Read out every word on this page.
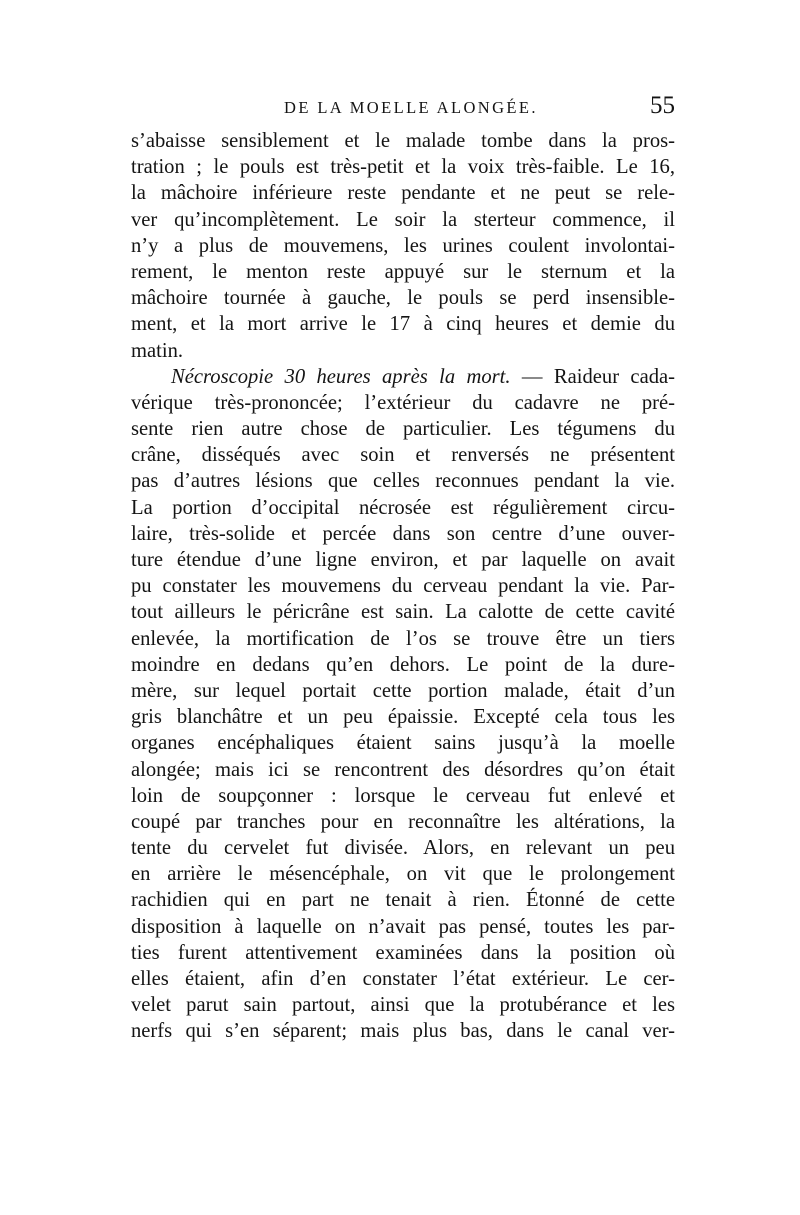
DE LA MOELLE ALONGÉE.	55
s’abaisse sensiblement et le malade tombe dans la pros-
tration ; le pouls est très-petit et la voix très-faible. Le 16,
la mâchoire inférieure reste pendante et ne peut se rele-
ver qu’incomplètement. Le soir la sterteur commence, il
n’y a plus de mouvemens, les urines coulent involontai-
rement, le menton reste appuyé sur le sternum et la
mâchoire tournée à gauche, le pouls se perd insensible-
ment, et la mort arrive le 17 à cinq heures et demie du
matin.
Nécroscopie 30 heures après la mort. — Raideur cada-
vérique très-prononcée; l’extérieur du cadavre ne pré-
sente rien autre chose de particulier. Les tégumens du
crâne, disséqués avec soin et renversés ne présentent
pas d’autres lésions que celles reconnues pendant la vie.
La portion d’occipital nécrosée est régulièrement circu-
laire, très-solide et percée dans son centre d’une ouver-
ture étendue d’une ligne environ, et par laquelle on avait
pu constater les mouvemens du cerveau pendant la vie. Par-
tout ailleurs le péricrâne est sain. La calotte de cette cavité
enlevée, la mortification de l’os se trouve être un tiers
moindre en dedans qu’en dehors. Le point de la dure-
mère, sur lequel portait cette portion malade, était d’un
gris blanchâtre et un peu épaissie. Excepté cela tous les
organes encéphaliques étaient sains jusqu’à la moelle
alongée; mais ici se rencontrent des désordres qu’on était
loin de soupçonner : lorsque le cerveau fut enlevé et
coupé par tranches pour en reconnaître les altérations, la
tente du cervelet fut divisée. Alors, en relevant un peu
en arrière le mésencéphale, on vit que le prolongement
rachidien qui en part ne tenait à rien. Étonné de cette
disposition à laquelle on n’avait pas pensé, toutes les par-
ties furent attentivement examinées dans la position où
elles étaient, afin d’en constater l’état extérieur. Le cer-
velet parut sain partout, ainsi que la protubérance et les
nerfs qui s’en séparent; mais plus bas, dans le canal ver-
